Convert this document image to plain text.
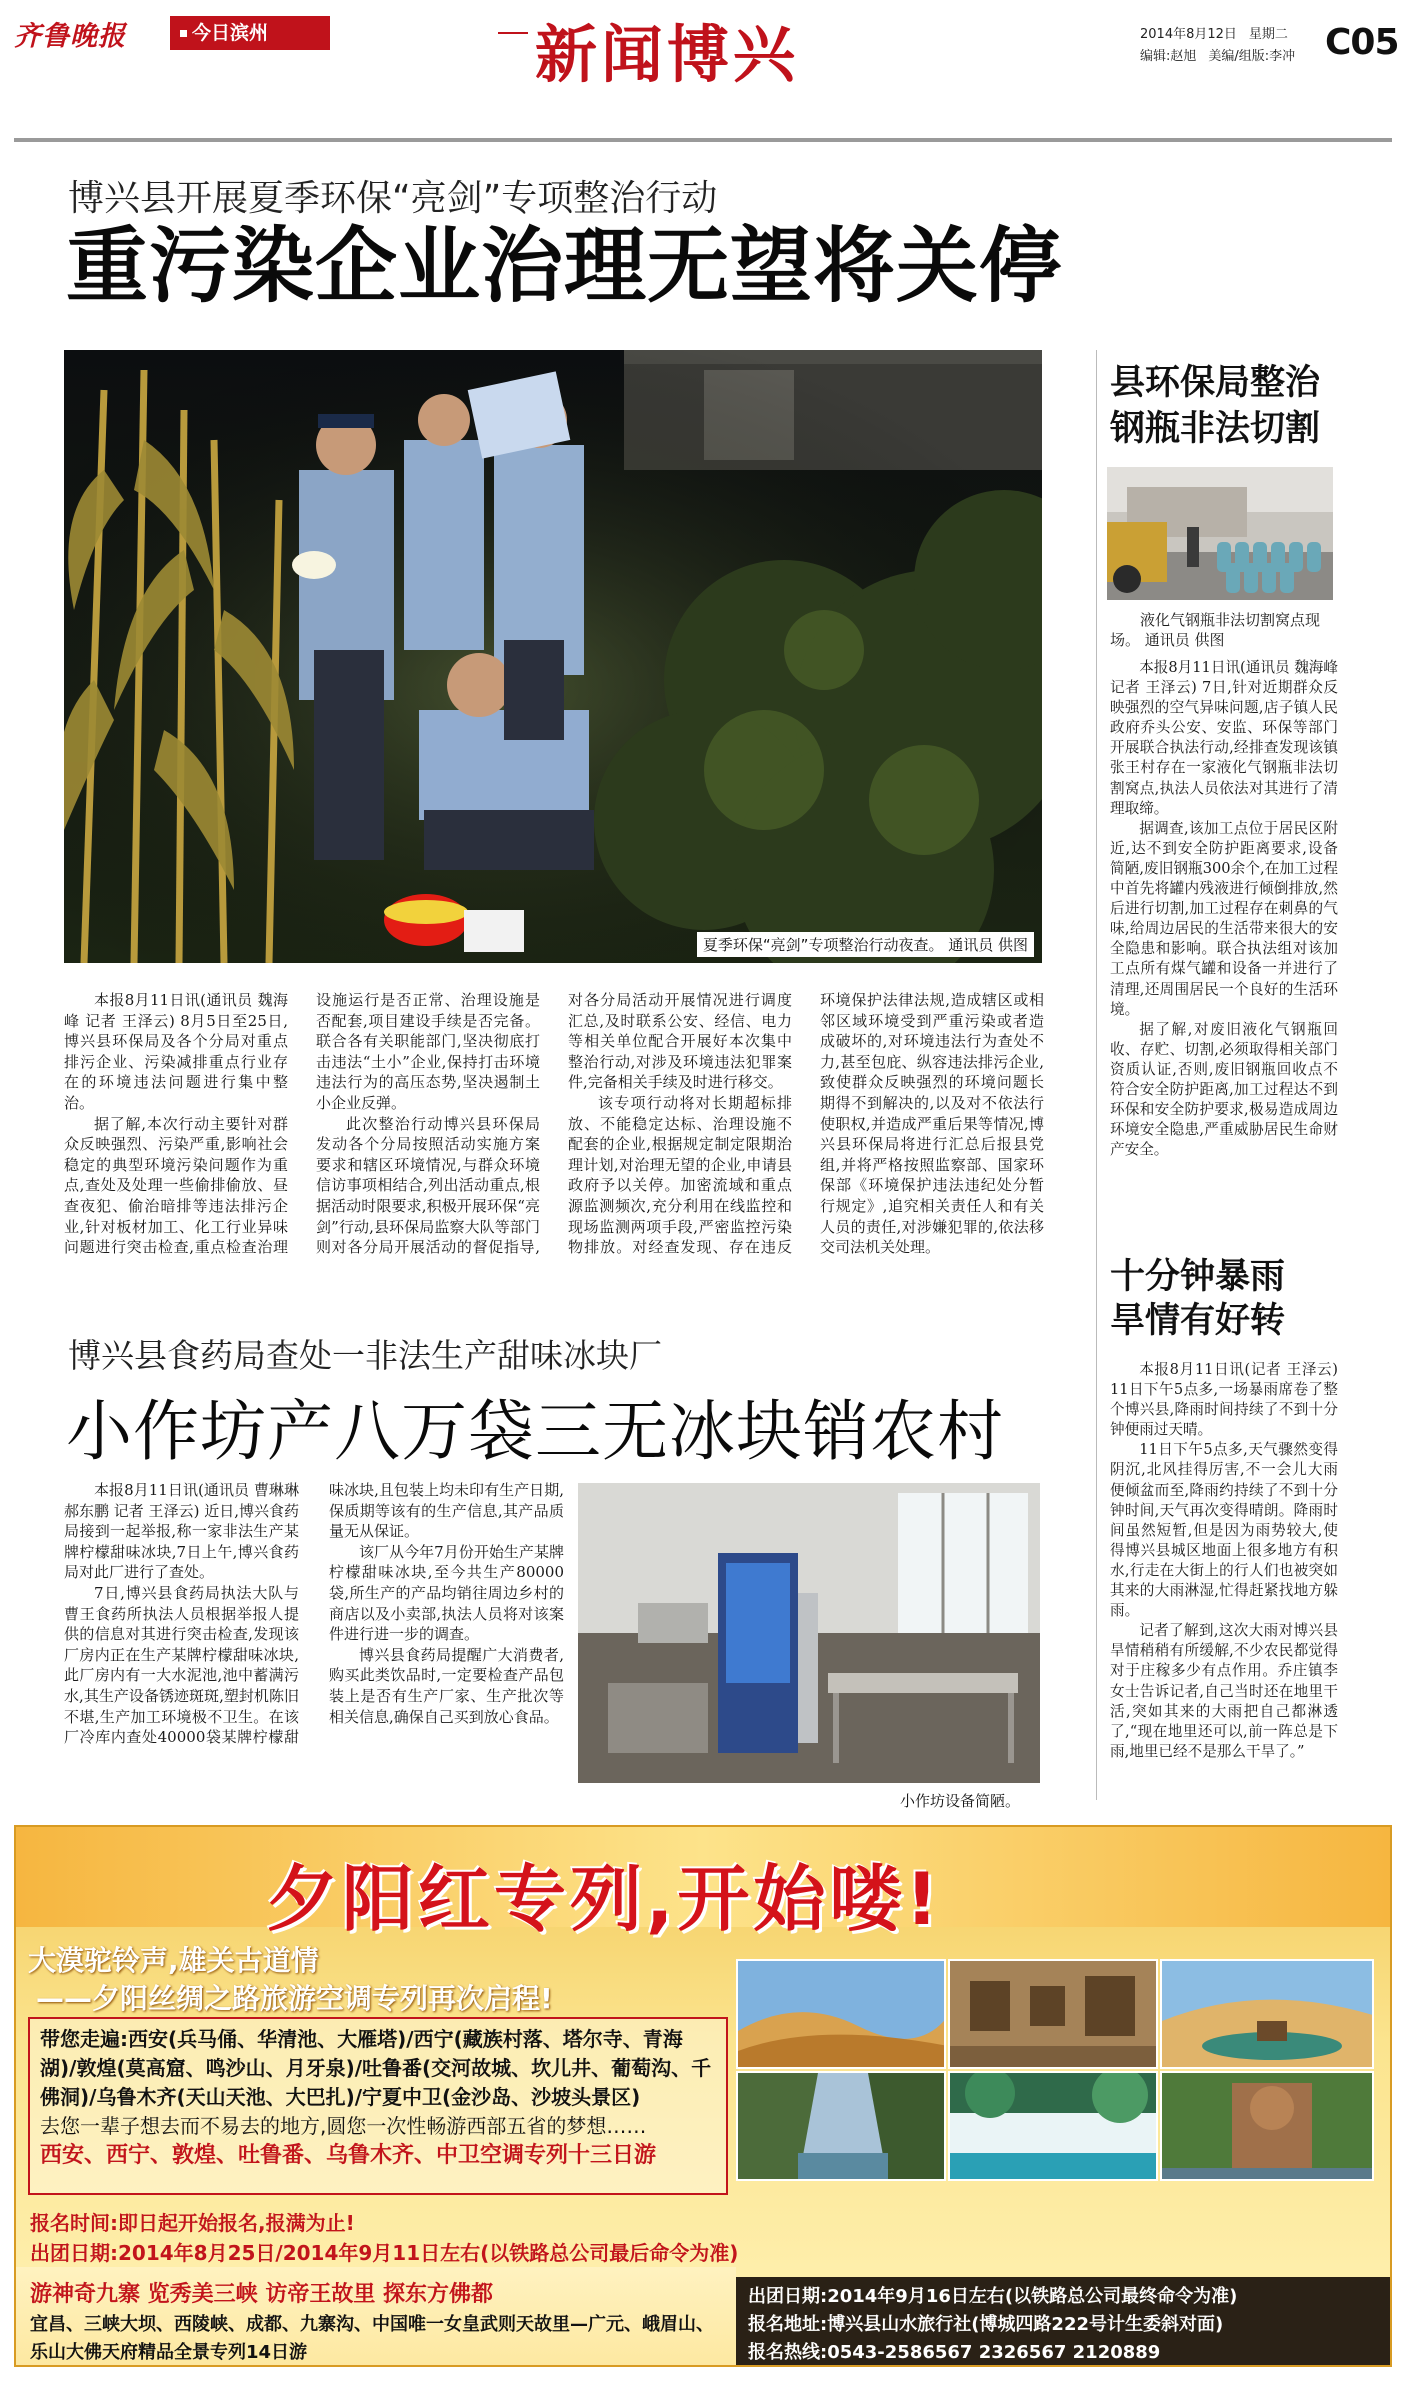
齐鲁晚报	今日滨州	新闻博兴	2014年8月12日 星期二
编辑:赵旭 美编/组版:李冲 C05
博兴县开展夏季环保“亮剑”专项整治行动
重污染企业治理无望将关停
夏季环保“亮剑”专项整治行动夜查。 通讯员 供图

本报8月11日讯(通讯员 魏海峰 记者 王泽云) 8月5日至25日,博兴县环保局及各个分局对重点排污企业、污染减排重点行业存在的环境违法问题进行集中整治。

据了解,本次行动主要针对群众反映强烈、污染严重,影响社会稳定的典型环境污染问题作为重点,查处及处理一些偷排偷放、昼查夜犯、偷治暗排等违法排污企业,针对板材加工、化工行业异味问题进行突击检查,重点检查治理设施运行是否正常、治理设施是否配套,项目建设手续是否完备。联合各有关职能部门,坚决彻底打击违法“土小”企业,保持打击环境违法行为的高压态势,坚决遏制土小企业反弹。

此次整治行动博兴县环保局发动各个分局按照活动实施方案要求和辖区环境情况,与群众环境信访事项相结合,列出活动重点,根据活动时限要求,积极开展环保“亮剑”行动,县环保局监察大队等部门则对各分局开展活动的督促指导,对各分局活动开展情况进行调度汇总,及时联系公安、经信、电力等相关单位配合开展好本次集中整治行动,对涉及环境违法犯罪案件,完备相关手续及时进行移交。

该专项行动将对长期超标排放、不能稳定达标、治理设施不配套的企业,根据规定制定限期治理计划,对治理无望的企业,申请县政府予以关停。加密流域和重点源监测频次,充分利用在线监控和现场监测两项手段,严密监控污染物排放。对经查发现、存在违反环境保护法律法规,造成辖区或相邻区域环境受到严重污染或者造成破坏的,对环境违法行为查处不力,甚至包庇、纵容违法排污企业,致使群众反映强烈的环境问题长期得不到解决的,以及对不依法行使职权,并造成严重后果等情况,博兴县环保局将进行汇总后报县党组,并将严格按照监察部、国家环保部《环境保护违法违纪处分暂行规定》,追究相关责任人和有关人员的责任,对涉嫌犯罪的,依法移交司法机关处理。

博兴县食药局查处一非法生产甜味冰块厂
小作坊产八万袋三无冰块销农村

本报8月11日讯(通讯员 曹琳琳 郝东鹏 记者 王泽云) 近日,博兴食药局接到一起举报,称一家非法生产某牌柠檬甜味冰块,7日上午,博兴食药局对此厂进行了查处。

7日,博兴县食药局执法大队与曹王食药所执法人员根据举报人提供的信息对其进行突击检查,发现该厂房内正在生产某牌柠檬甜味冰块,此厂房内有一大水泥池,池中蓄满污水,其生产设备锈迹斑斑,塑封机陈旧不堪,生产加工环境极不卫生。在该厂冷库内查处40000袋某牌柠檬甜味冰块,且包装上均未印有生产日期,保质期等该有的生产信息,其产品质量无从保证。

该厂从今年7月份开始生产某牌柠檬甜味冰块,至今共生产80000袋,所生产的产品均销往周边乡村的商店以及小卖部,执法人员将对该案件进行进一步的调查。

博兴县食药局提醒广大消费者,购买此类饮品时,一定要检查产品包装上是否有生产厂家、生产批次等相关信息,确保自己买到放心食品。

小作坊设备简陋。
县环保局整治
钢瓶非法切割

液化气钢瓶非法切割窝点现场。 通讯员 供图

本报8月11日讯(通讯员 魏海峰 记者 王泽云) 7日,针对近期群众反映强烈的空气异味问题,店子镇人民政府乔头公安、安监、环保等部门开展联合执法行动,经排查发现该镇张王村存在一家液化气钢瓶非法切割窝点,执法人员依法对其进行了清理取缔。

据调查,该加工点位于居民区附近,达不到安全防护距离要求,设备简陋,废旧钢瓶300余个,在加工过程中首先将罐内残液进行倾倒排放,然后进行切割,加工过程存在刺鼻的气味,给周边居民的生活带来很大的安全隐患和影响。联合执法组对该加工点所有煤气罐和设备一并进行了清理,还周围居民一个良好的生活环境。

据了解,对废旧液化气钢瓶回收、存贮、切割,必须取得相关部门资质认证,否则,废旧钢瓶回收点不符合安全防护距离,加工过程达不到环保和安全防护要求,极易造成周边环境安全隐患,严重威胁居民生命财产安全。

十分钟暴雨
旱情有好转

本报8月11日讯(记者 王泽云) 11日下午5点多,一场暴雨席卷了整个博兴县,降雨时间持续了不到十分钟便雨过天晴。

11日下午5点多,天气骤然变得阴沉,北风挂得厉害,不一会儿大雨便倾盆而至,降雨约持续了不到十分钟时间,天气再次变得晴朗。降雨时间虽然短暂,但是因为雨势较大,使得博兴县城区地面上很多地方有积水,行走在大街上的行人们也被突如其来的大雨淋湿,忙得赶紧找地方躲雨。

记者了解到,这次大雨对博兴县旱情稍稍有所缓解,不少农民都觉得对于庄稼多少有点作用。乔庄镇李女士告诉记者,自己当时还在地里干活,突如其来的大雨把自己都淋透了,“现在地里还可以,前一阵总是下雨,地里已经不是那么干旱了。”

夕阳红专列,开始喽!
大漠驼铃声,雄关古道情
——夕阳丝绸之路旅游空调专列再次启程!
带您走遍:西安(兵马俑、华清池、大雁塔)/西宁(藏族村落、塔尔寺、青海湖)/敦煌(莫高窟、鸣沙山、月牙泉)/吐鲁番(交河故城、坎儿井、葡萄沟、千佛洞)/乌鲁木齐(天山天池、大巴扎)/宁夏中卫(金沙岛、沙坡头景区)
去您一辈子想去而不易去的地方,圆您一次性畅游西部五省的梦想……
西安、西宁、敦煌、吐鲁番、乌鲁木齐、中卫空调专列十三日游
报名时间:即日起开始报名,报满为止!
出团日期:2014年8月25日/2014年9月11日左右(以铁路总公司最后命令为准)
游神奇九寨 览秀美三峡 访帝王故里 探东方佛都
宜昌、三峡大坝、西陵峡、成都、九寨沟、中国唯一女皇武则天故里—广元、峨眉山、乐山大佛天府精品全景专列14日游
出团日期:2014年9月16日左右(以铁路总公司最终命令为准)
报名地址:博兴县山水旅行社(博城四路222号计生委斜对面)
报名热线:0543-2586567 2326567 2120889
